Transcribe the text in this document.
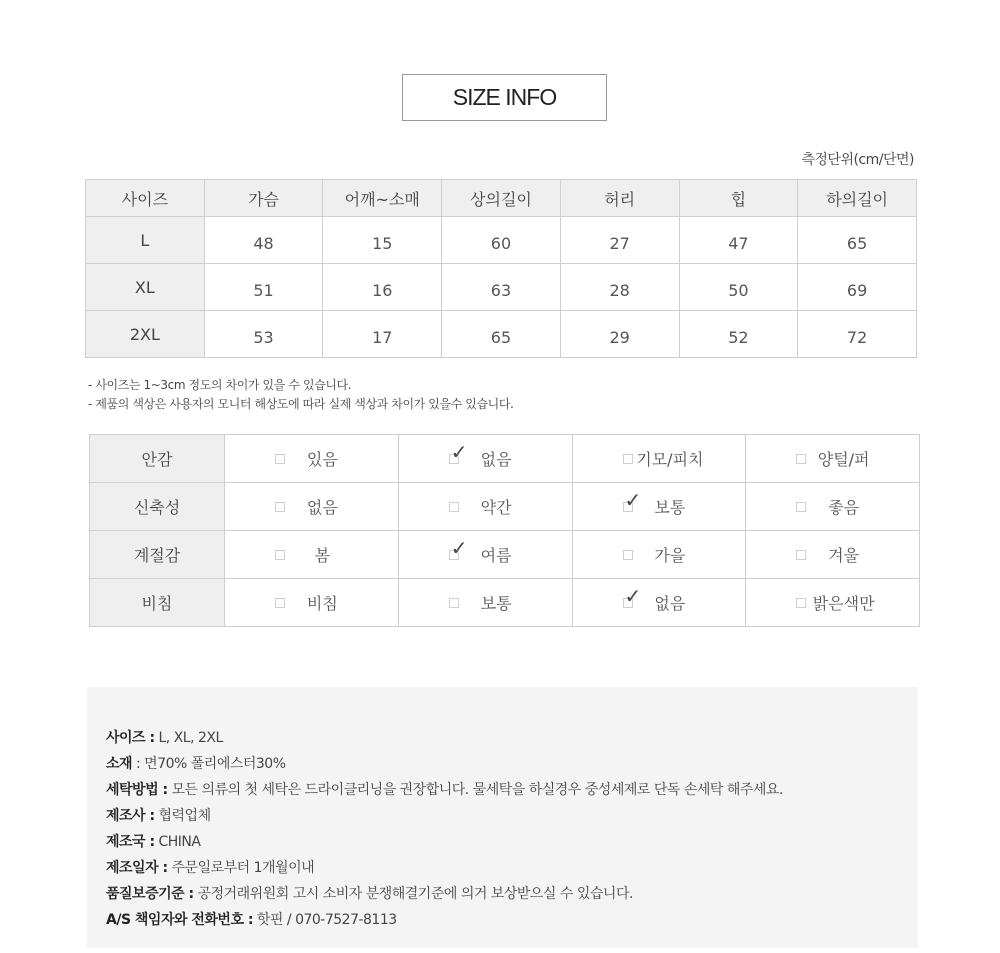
SIZE INFO
측정단위(cm/단면)
사이즈	가슴	어깨~소매	상의길이	허리	힙	하의길이
L	48	15	60	27	47	65
XL	51	16	63	28	50	69
2XL	53	17	65	29	52	72
- 사이즈는 1~3cm 정도의 차이가 있을 수 있습니다.
- 제품의 색상은 사용자의 모니터 해상도에 따라 실제 색상과 차이가 있을수 있습니다.
안감	있음	✓ 없음	기모/피치	양털/퍼

신축성	없음	약간	✓ 보통	좋음

계절감	봄	✓ 여름	가을	겨울

비침	비침	보통	✓ 없음	밝은색만
사이즈 : L, XL, 2XL
소재 : 면70% 폴리에스터30%
세탁방법 : 모든 의류의 첫 세탁은 드라이클리닝을 권장합니다. 물세탁을 하실경우 중성세제로 단독 손세탁 해주세요.
제조사 : 협력업체
제조국 : CHINA
제조일자 : 주문일로부터 1개월이내
품질보증기준 : 공정거래위원회 고시 소비자 분쟁해결기준에 의거 보상받으실 수 있습니다.
A/S 책임자와 전화번호 : 핫핀 / 070-7527-8113
